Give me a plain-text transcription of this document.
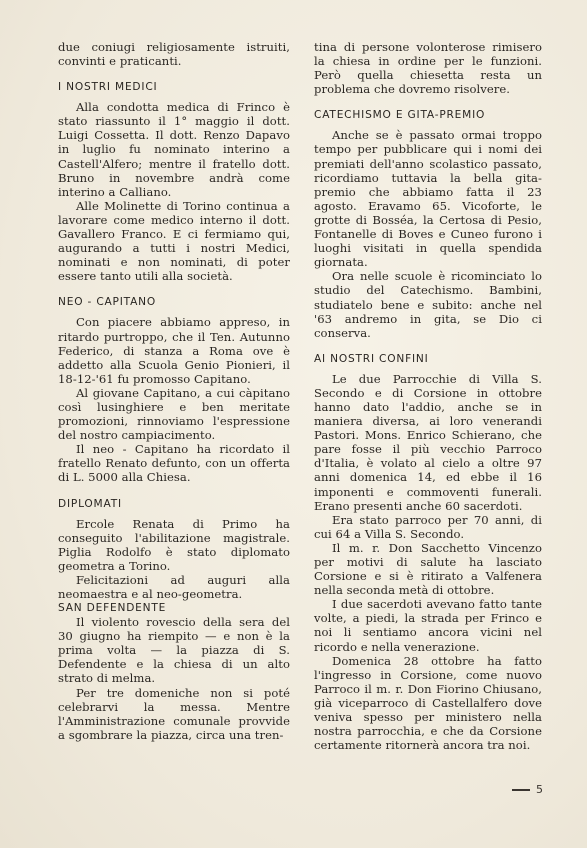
due coniugi religiosamente istruiti, convinti e praticanti.

I NOSTRI MEDICI

Alla condotta medica di Frinco è stato riassunto il 1° maggio il dott. Luigi Cossetta. Il dott. Renzo Dapavo in luglio fu nominato interino a Castell'Alfero; mentre il fratello dott. Bruno in novembre andrà come interino a Calliano.

Alle Molinette di Torino continua a lavorare come medico interno il dott. Gavallero Franco. E ci fermiamo qui, augurando a tutti i nostri Medici, nominati e non nominati, di poter essere tanto utili alla società.

NEO - CAPITANO

Con piacere abbiamo appreso, in ritardo purtroppo, che il Ten. Autunno Federico, di stanza a Roma ove è addetto alla Scuola Genio Pionieri, il 18-12-'61 fu promosso Capitano.

Al giovane Capitano, a cui càpitano così lusinghiere e ben meritate promozioni, rinnoviamo l'espressione del nostro campiacimento.

Il neo - Capitano ha ricordato il fratello Renato defunto, con un offerta di L. 5000 alla Chiesa.

DIPLOMATI

Ercole Renata di Primo ha conseguito l'abilitazione magistrale. Piglia Rodolfo è stato diplomato geometra a Torino.

Felicitazioni ad auguri alla neomaestra e al neo-geometra.

SAN DEFENDENTE

Il violento rovescio della sera del 30 giugno ha riempito — e non è la prima volta — la piazza di S. Defendente e la chiesa di un alto strato di melma.

Per tre domeniche non si poté celebrarvi la messa. Mentre l'Amministrazione comunale provvide a sgombrare la piazza, circa una tren-

tina di persone volonterose rimisero la chiesa in ordine per le funzioni. Però quella chiesetta resta un problema che dovremo risolvere.

CATECHISMO E GITA-PREMIO

Anche se è passato ormai troppo tempo per pubblicare qui i nomi dei premiati dell'anno scolastico passato, ricordiamo tuttavia la bella gita-premio che abbiamo fatta il 23 agosto. Eravamo 65. Vicoforte, le grotte di Bosséa, la Certosa di Pesio, Fontanelle di Boves e Cuneo furono i luoghi visitati in quella spendida giornata.

Ora nelle scuole è ricominciato lo studio del Catechismo. Bambini, studiatelo bene e subito: anche nel '63 andremo in gita, se Dio ci conserva.

AI NOSTRI CONFINI

Le due Parrocchie di Villa S. Secondo e di Corsione in ottobre hanno dato l'addio, anche se in maniera diversa, ai loro venerandi Pastori. Mons. Enrico Schierano, che pare fosse il più vecchio Parroco d'Italia, è volato al cielo a oltre 97 anni domenica 14, ed ebbe il 16 imponenti e commoventi funerali. Erano presenti anche 60 sacerdoti.

Era stato parroco per 70 anni, di cui 64 a Villa S. Secondo.

Il m. r. Don Sacchetto Vincenzo per motivi di salute ha lasciato Corsione e si è ritirato a Valfenera nella seconda metà di ottobre.

I due sacerdoti avevano fatto tante volte, a piedi, la strada per Frinco e noi li sentiamo ancora vicini nel ricordo e nella venerazione.

Domenica 28 ottobre ha fatto l'ingresso in Corsione, come nuovo Parroco il m. r. Don Fiorino Chiusano, già viceparroco di Castellalfero dove veniva spesso per ministero nella nostra parrocchia, e che da Corsione certamente ritornerà ancora tra noi.

5
